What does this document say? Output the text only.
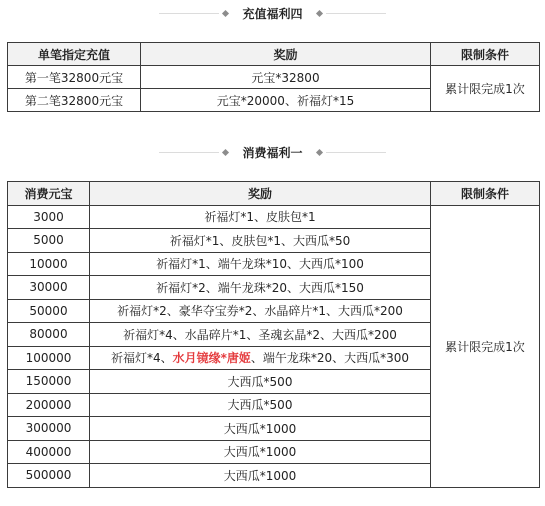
充值福利四
单笔指定充值	奖励	限制条件
第一笔32800元宝	元宝*32800	累计限完成1次
第二笔32800元宝	元宝*20000、祈福灯*15	
消费福利一
消费元宝	奖励	限制条件
3000	祈福灯*1、皮肤包*1	累计限完成1次
5000	祈福灯*1、皮肤包*1、大西瓜*50	
10000	祈福灯*1、端午龙珠*10、大西瓜*100	
30000	祈福灯*2、端午龙珠*20、大西瓜*150	
50000	祈福灯*2、豪华夺宝券*2、水晶碎片*1、大西瓜*200	
80000	祈福灯*4、水晶碎片*1、圣魂玄晶*2、大西瓜*200	
100000	祈福灯*4、水月镜缘*唐姬、端午龙珠*20、大西瓜*300	
150000	大西瓜*500	
200000	大西瓜*500	
300000	大西瓜*1000	
400000	大西瓜*1000	
500000	大西瓜*1000	
